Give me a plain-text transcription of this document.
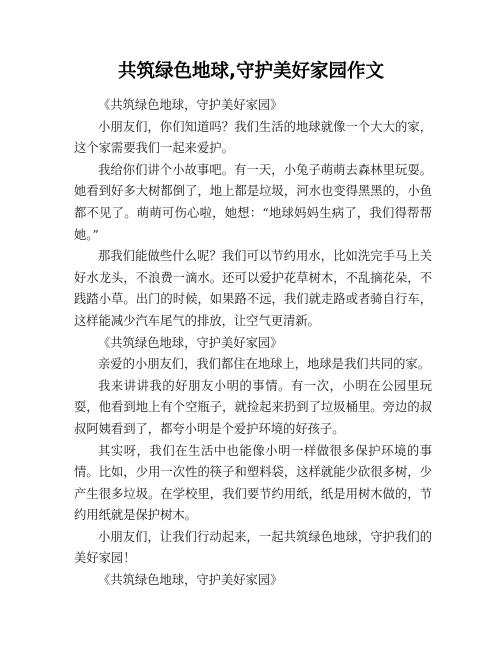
共筑绿色地球,守护美好家园作文

《共筑绿色地球，守护美好家园》

小朋友们，你们知道吗？我们生活的地球就像一个大大的家，这个家需要我们一起来爱护。

我给你们讲个小故事吧。有一天，小兔子萌萌去森林里玩耍。她看到好多大树都倒了，地上都是垃圾，河水也变得黑黑的，小鱼都不见了。萌萌可伤心啦，她想：“地球妈妈生病了，我们得帮帮她。”

那我们能做些什么呢？我们可以节约用水，比如洗完手马上关好水龙头，不浪费一滴水。还可以爱护花草树木，不乱摘花朵，不践踏小草。出门的时候，如果路不远，我们就走路或者骑自行车，这样能减少汽车尾气的排放，让空气更清新。

《共筑绿色地球，守护美好家园》

亲爱的小朋友们，我们都住在地球上，地球是我们共同的家。

我来讲讲我的好朋友小明的事情。有一次，小明在公园里玩耍，他看到地上有个空瓶子，就捡起来扔到了垃圾桶里。旁边的叔叔阿姨看到了，都夸小明是个爱护环境的好孩子。

其实呀，我们在生活中也能像小明一样做很多保护环境的事情。比如，少用一次性的筷子和塑料袋，这样就能少砍很多树，少产生很多垃圾。在学校里，我们要节约用纸，纸是用树木做的，节约用纸就是保护树木。

小朋友们，让我们行动起来，一起共筑绿色地球，守护我们的美好家园！

《共筑绿色地球，守护美好家园》
